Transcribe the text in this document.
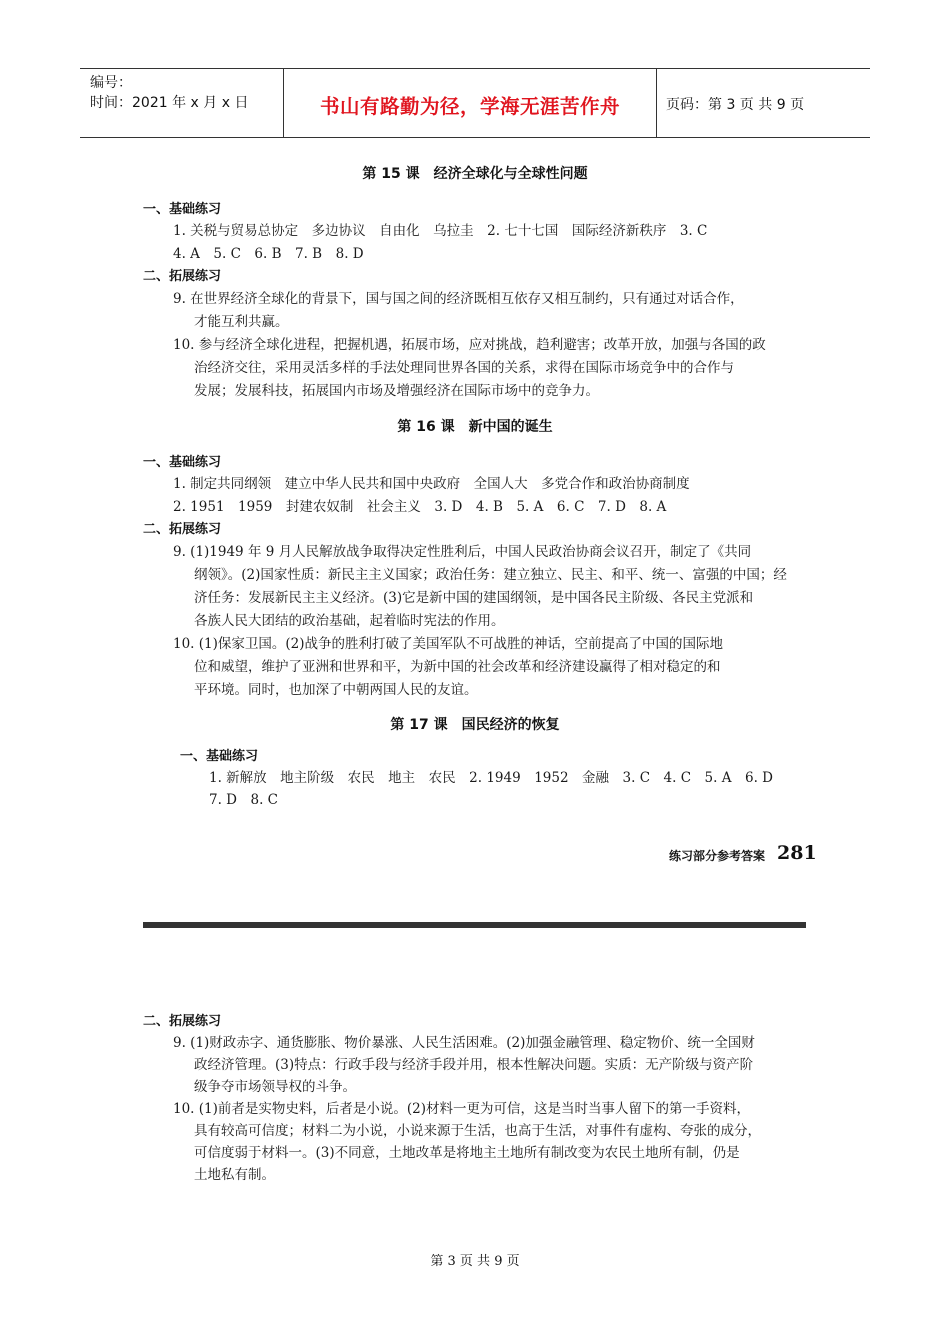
编号：
时间：2021 年 x 月 x 日	书山有路勤为径，学海无涯苦作舟	页码：第 3 页 共 9 页
第 15 课　经济全球化与全球性问题
一、基础练习
1. 关税与贸易总协定　多边协议　自由化　乌拉圭　2. 七十七国　国际经济新秩序　3. C
4. A　5. C　6. B　7. B　8. D
二、拓展练习
9. 在世界经济全球化的背景下，国与国之间的经济既相互依存又相互制约，只有通过对话合作，
才能互利共赢。
10. 参与经济全球化进程，把握机遇，拓展市场，应对挑战，趋利避害；改革开放，加强与各国的政
治经济交往，采用灵活多样的手法处理同世界各国的关系，求得在国际市场竞争中的合作与
发展；发展科技，拓展国内市场及增强经济在国际市场中的竞争力。
第 16 课　新中国的诞生
一、基础练习
1. 制定共同纲领　建立中华人民共和国中央政府　全国人大　多党合作和政治协商制度
2. 1951　1959　封建农奴制　社会主义　3. D　4. B　5. A　6. C　7. D　8. A
二、拓展练习
9. (1)1949 年 9 月人民解放战争取得决定性胜利后，中国人民政治协商会议召开，制定了《共同
纲领》。(2)国家性质：新民主主义国家；政治任务：建立独立、民主、和平、统一、富强的中国；经
济任务：发展新民主主义经济。(3)它是新中国的建国纲领，是中国各民主阶级、各民主党派和
各族人民大团结的政治基础，起着临时宪法的作用。
10. (1)保家卫国。(2)战争的胜利打破了美国军队不可战胜的神话，空前提高了中国的国际地
位和威望，维护了亚洲和世界和平，为新中国的社会改革和经济建设赢得了相对稳定的和
平环境。同时，也加深了中朝两国人民的友谊。
第 17 课　国民经济的恢复
一、基础练习
1. 新解放　地主阶级　农民　地主　农民　2. 1949　1952　金融　3. C　4. C　5. A　6. D
7. D　8. C
练习部分参考答案 281
二、拓展练习
9. (1)财政赤字、通货膨胀、物价暴涨、人民生活困难。(2)加强金融管理、稳定物价、统一全国财
政经济管理。(3)特点：行政手段与经济手段并用，根本性解决问题。实质：无产阶级与资产阶
级争夺市场领导权的斗争。
10. (1)前者是实物史料，后者是小说。(2)材料一更为可信，这是当时当事人留下的第一手资料，
具有较高可信度；材料二为小说，小说来源于生活，也高于生活，对事件有虚构、夸张的成分，
可信度弱于材料一。(3)不同意，土地改革是将地主土地所有制改变为农民土地所有制，仍是
土地私有制。
第 3 页 共 9 页
